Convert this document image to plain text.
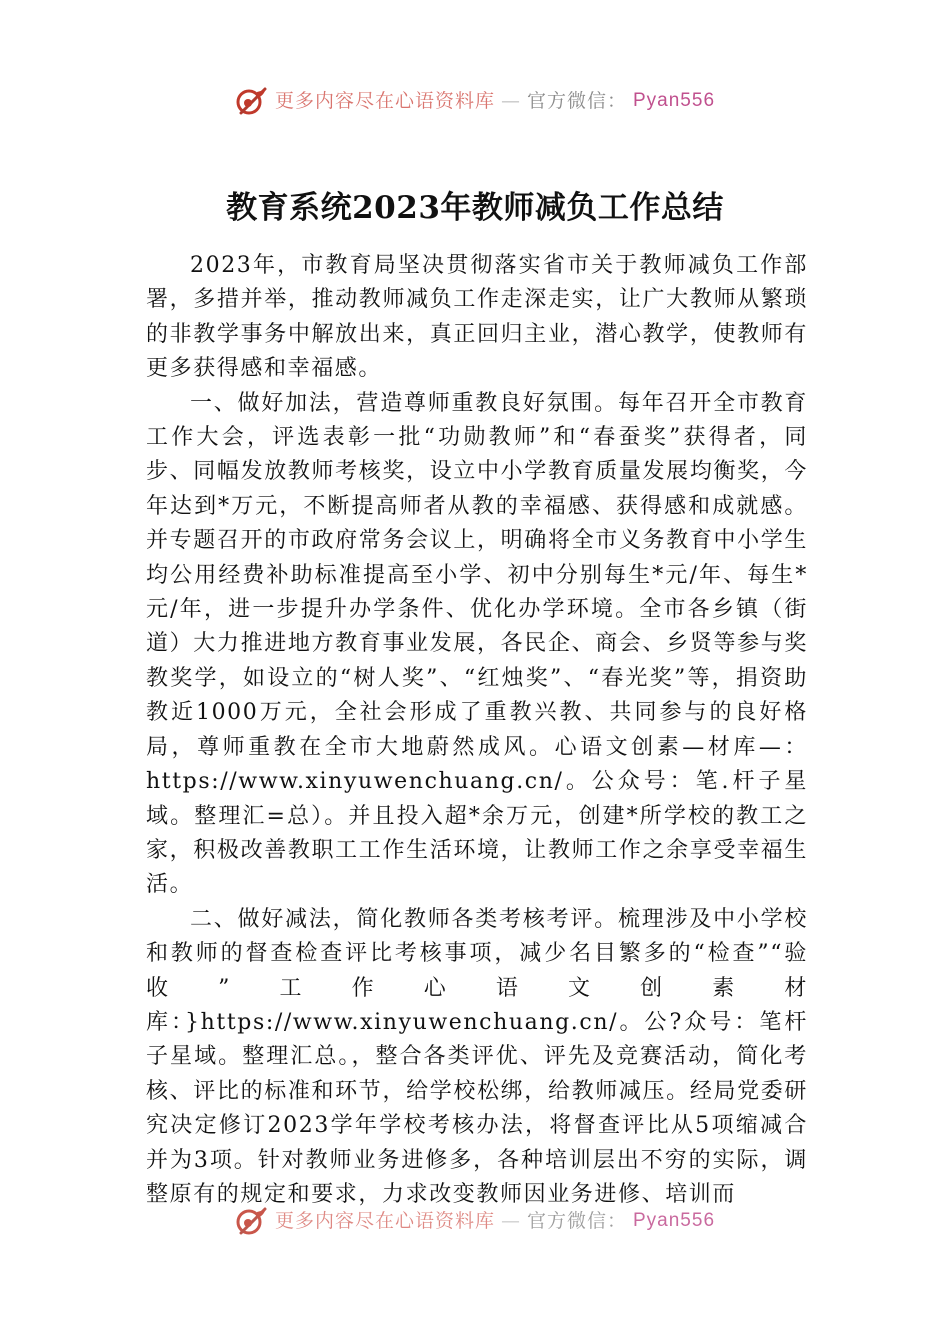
更多内容尽在心语资料库 — 官方微信： Pyan556
教育系统2023年教师减负工作总结

2023年，市教育局坚决贯彻落实省市关于教师减负工作部署，多措并举，推动教师减负工作走深走实，让广大教师从繁琐的非教学事务中解放出来，真正回归主业，潜心教学，使教师有更多获得感和幸福感。

一、做好加法，营造尊师重教良好氛围。每年召开全市教育工作大会，评选表彰一批“功勋教师”和“春蚕奖”获得者，同步、同幅发放教师考核奖，设立中小学教育质量发展均衡奖，今年达到*万元，不断提高师者从教的幸福感、获得感和成就感。并专题召开的市政府常务会议上，明确将全市义务教育中小学生均公用经费补助标准提高至小学、初中分别每生*元/年、每生*元/年，进一步提升办学条件、优化办学环境。全市各乡镇（街道）大力推进地方教育事业发展，各民企、商会、乡贤等参与奖教奖学，如设立的“树人奖”、“红烛奖”、“春光奖”等，捐资助教近1000万元，全社会形成了重教兴教、共同参与的良好格局，尊师重教在全市大地蔚然成风。心语文创素—材库—：https://www.xinyuwenchuang.cn/。公众号：笔.杆子星域。整理汇=总）。并且投入超*余万元，创建*所学校的教工之家，积极改善教职工工作生活环境，让教师工作之余享受幸福生活。

二、做好减法，简化教师各类考核考评。梳理涉及中小学校和教师的督查检查评比考核事项，减少名目繁多的“检查”“验收”工作心语文创素材库：}https://www.xinyuwenchuang.cn/。公?众号：笔杆子星域。整理汇总。，整合各类评优、评先及竞赛活动，简化考核、评比的标准和环节，给学校松绑，给教师减压。经局党委研究决定修订2023学年学校考核办法，将督查评比从5项缩减合并为3项。针对教师业务进修多，各种培训层出不穷的实际，调整原有的规定和要求，力求改变教师因业务进修、培训而

更多内容尽在心语资料库 — 官方微信： Pyan556
